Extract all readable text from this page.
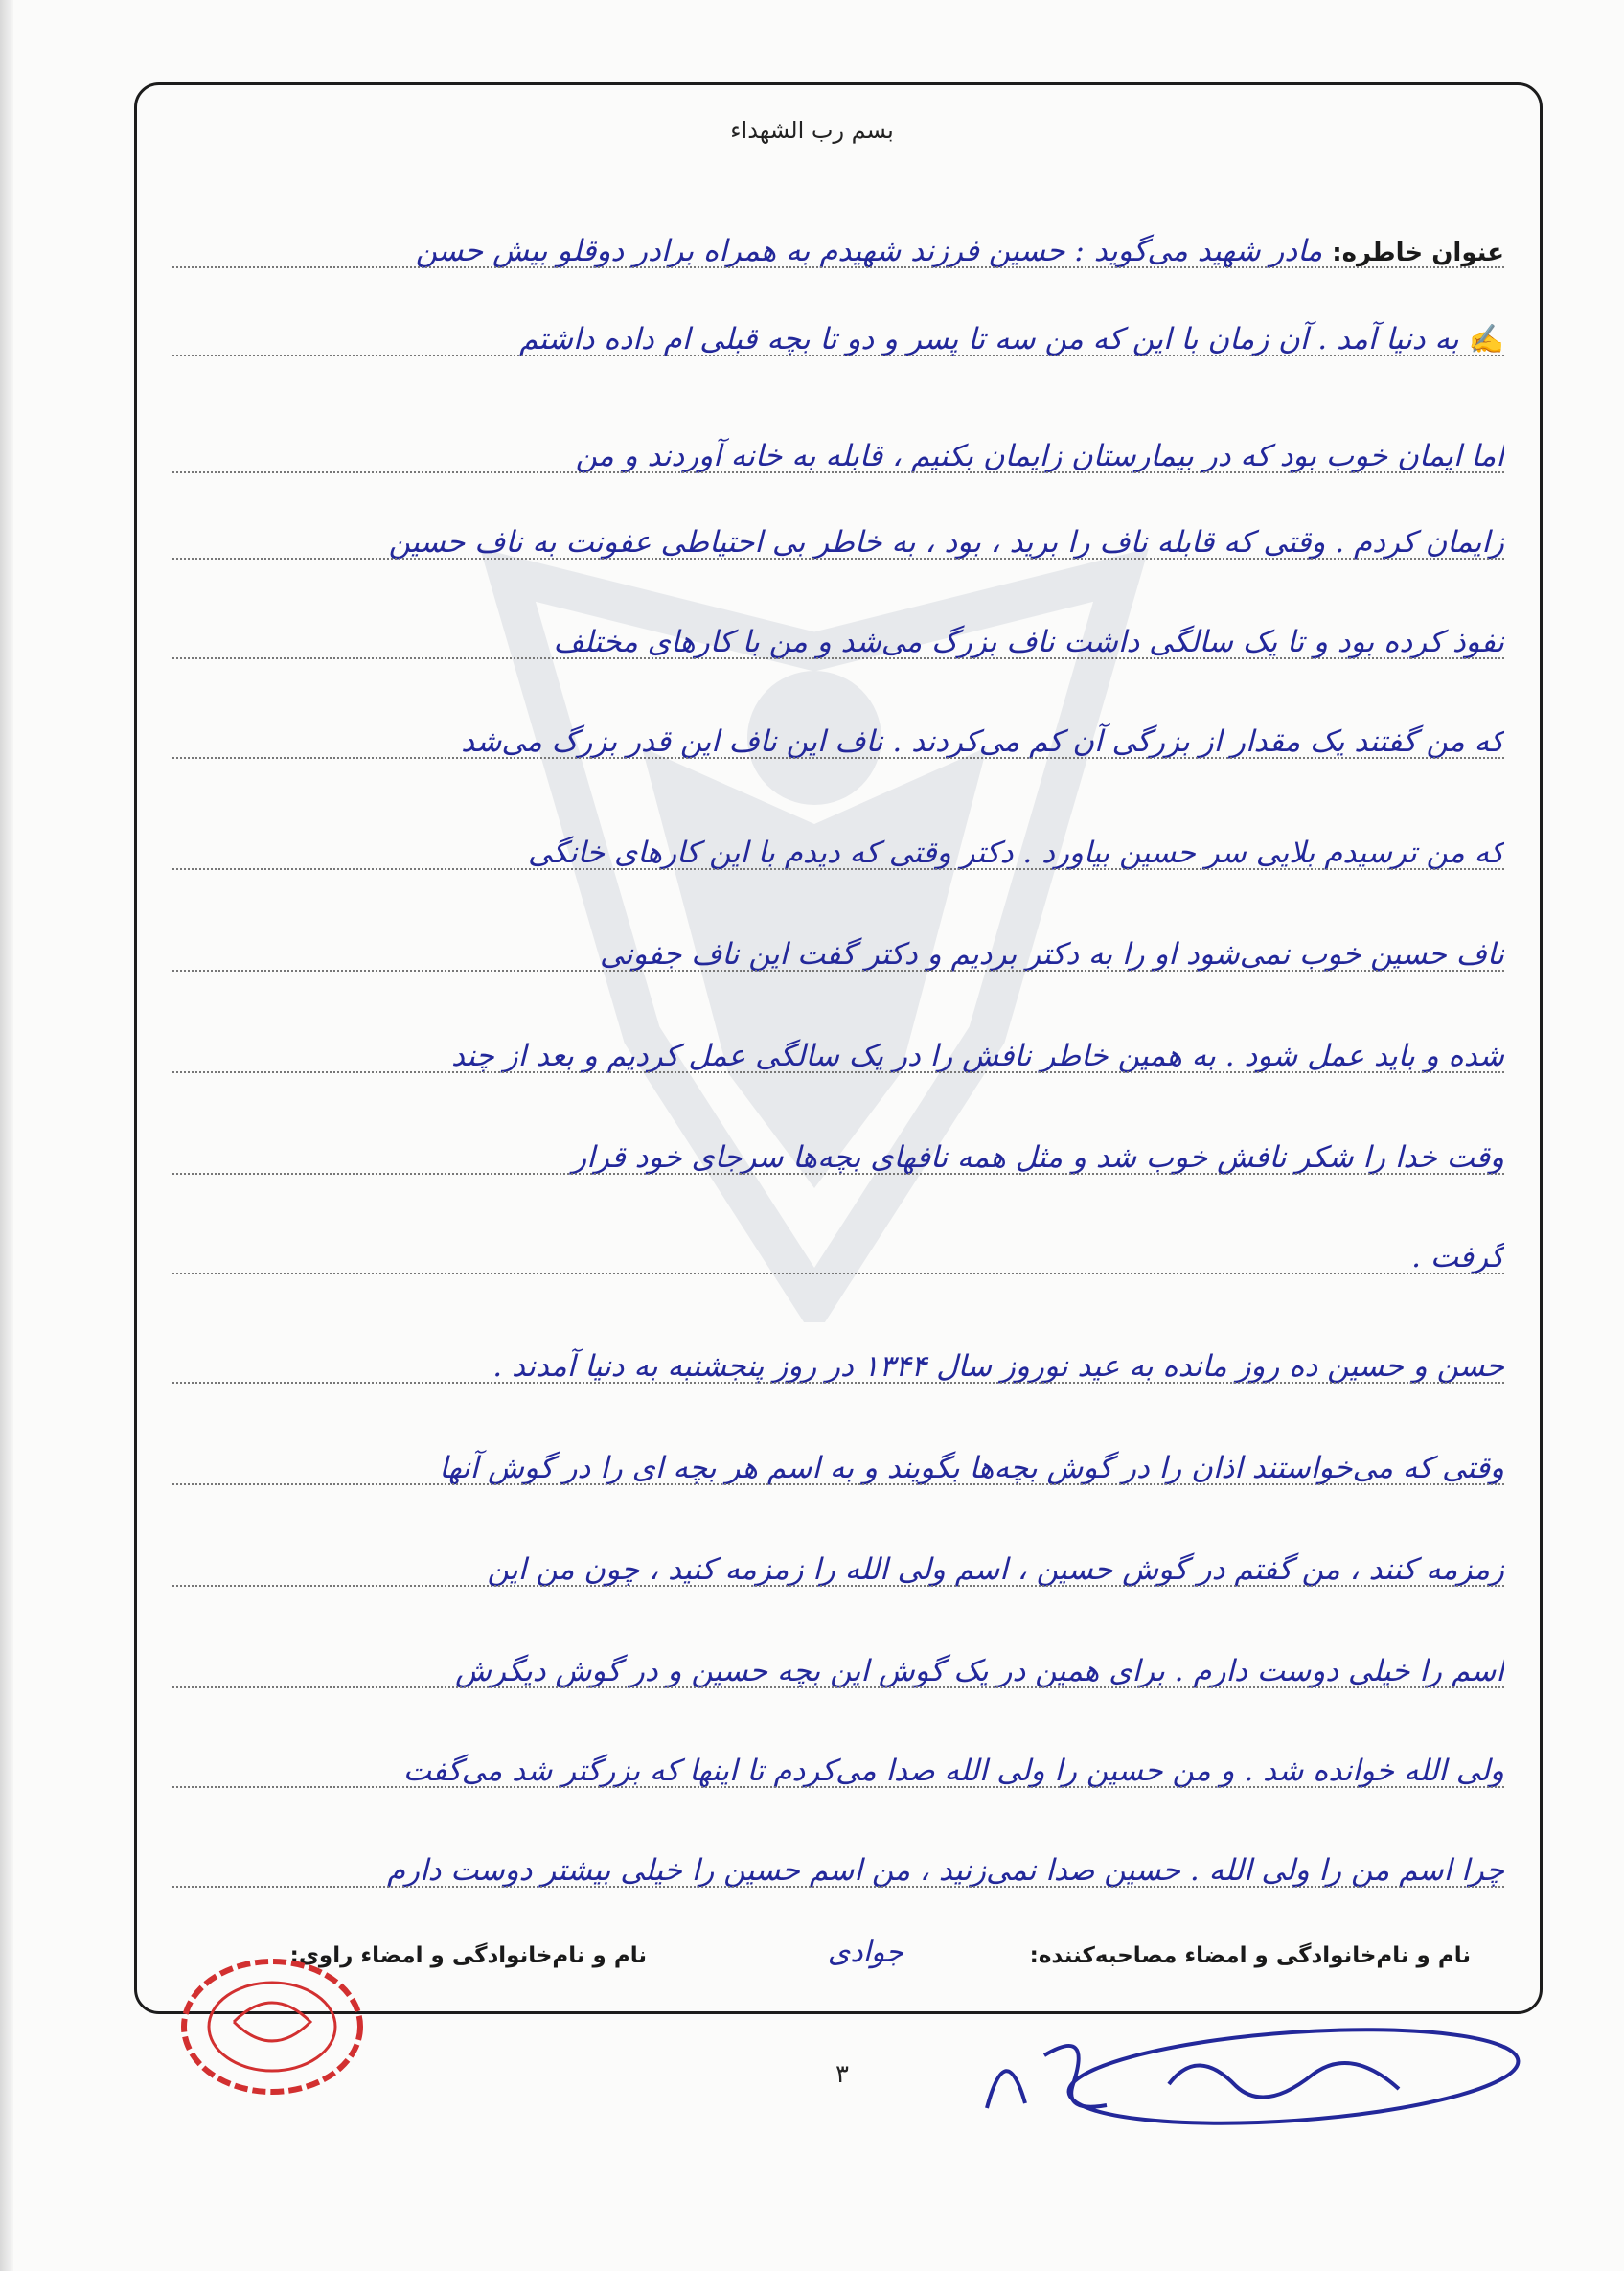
بسم رب الشهداء
عنوان خاطره:مادر شهید می‌گوید : حسین فرزند شهیدم به همراه برادر دوقلو بیش حسن
✍به دنیا آمد . آن زمان با این که من سه تا پسر و دو تا بچه قبلی ام داده داشتم
اما ایمان خوب بود که در بیمارستان زایمان بکنیم ، قابله به خانه آوردند و من
زایمان کردم . وقتی که قابله ناف را برید ، بود ، به خاطر بی احتیاطی عفونت به ناف حسین
نفوذ کرده بود و تا یک سالگی داشت ناف بزرگ می‌شد و من با کارهای مختلف
که من گفتند یک مقدار از بزرگی آن کم می‌کردند . ناف این ناف این قدر بزرگ می‌شد
که من ترسیدم بلایی سر حسین بیاورد . دکتر وقتی که دیدم با این کارهای خانگی
ناف حسین خوب نمی‌شود او را به دکتر بردیم و دکتر گفت این ناف جفونی
شده و باید عمل شود . به همین خاطر نافش را در یک سالگی عمل کردیم و بعد از چند
وقت خدا را شکر نافش خوب شد و مثل همه نافهای بچه‌ها سرجای خود قرار
گرفت .
حسن و حسین ده روز مانده به عید نوروز سال ۱۳۴۴ در روز پنجشنبه به دنیا آمدند .
وقتی که می‌خواستند اذان را در گوش بچه‌ها بگویند و به اسم هر بچه ای را در گوش آنها
زمزمه کنند ، من گفتم در گوش حسین ، اسم ولی الله را زمزمه کنید ، چون من این
اسم را خیلی دوست دارم . برای همین در یک گوش این بچه حسین و در گوش دیگرش
ولی الله خوانده شد . و من حسین را ولی الله صدا می‌کردم تا اینها که بزرگتر شد می‌گفت
چرا اسم من را ولی الله . حسین صدا نمی‌زنید ، من اسم حسین را خیلی بیشتر دوست دارم
نام و نام‌خانوادگی و امضاء مصاحبه‌کننده:
جوادی
نام و نام‌خانوادگی و امضاء راوی:
٣
